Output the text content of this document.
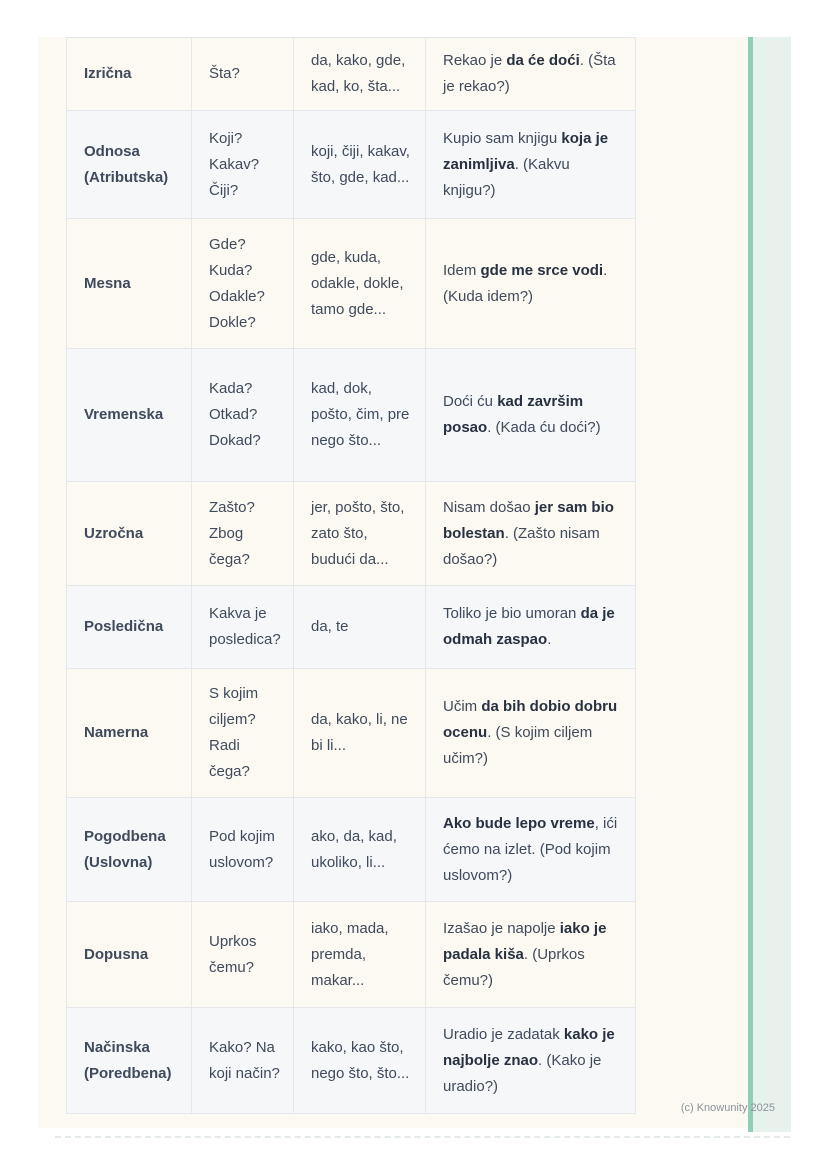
Izrična	Šta?	da, kako, gde, kad, ko, šta...	Rekao je da će doći. (Šta je rekao?)
Odnosa (Atributska)	Koji? Kakav? Čiji?	koji, čiji, kakav, što, gde, kad...	Kupio sam knjigu koja je zanimljiva. (Kakvu knjigu?)
Mesna	Gde? Kuda? Odakle? Dokle?	gde, kuda, odakle, dokle, tamo gde...	Idem gde me srce vodi. (Kuda idem?)
Vremenska	Kada? Otkad? Dokad?	kad, dok, pošto, čim, pre nego što...	Doći ću kad završim posao. (Kada ću doći?)
Uzročna	Zašto? Zbog čega?	jer, pošto, što, zato što, budući da...	Nisam došao jer sam bio bolestan. (Zašto nisam došao?)
Posledična	Kakva je posledica?	da, te	Toliko je bio umoran da je odmah zaspao.
Namerna	S kojim ciljem? Radi čega?	da, kako, li, ne bi li...	Učim da bih dobio dobru ocenu. (S kojim ciljem učim?)
Pogodbena (Uslovna)	Pod kojim uslovom?	ako, da, kad, ukoliko, li...	Ako bude lepo vreme, ići ćemo na izlet. (Pod kojim uslovom?)
Dopusna	Uprkos čemu?	iako, mada, premda, makar...	Izašao je napolje iako je padala kiša. (Uprkos čemu?)
Načinska (Poredbena)	Kako? Na koji način?	kako, kao što, nego što, što...	Uradio je zadatak kako je najbolje znao. (Kako je uradio?)
(c) Knowunity 2025
